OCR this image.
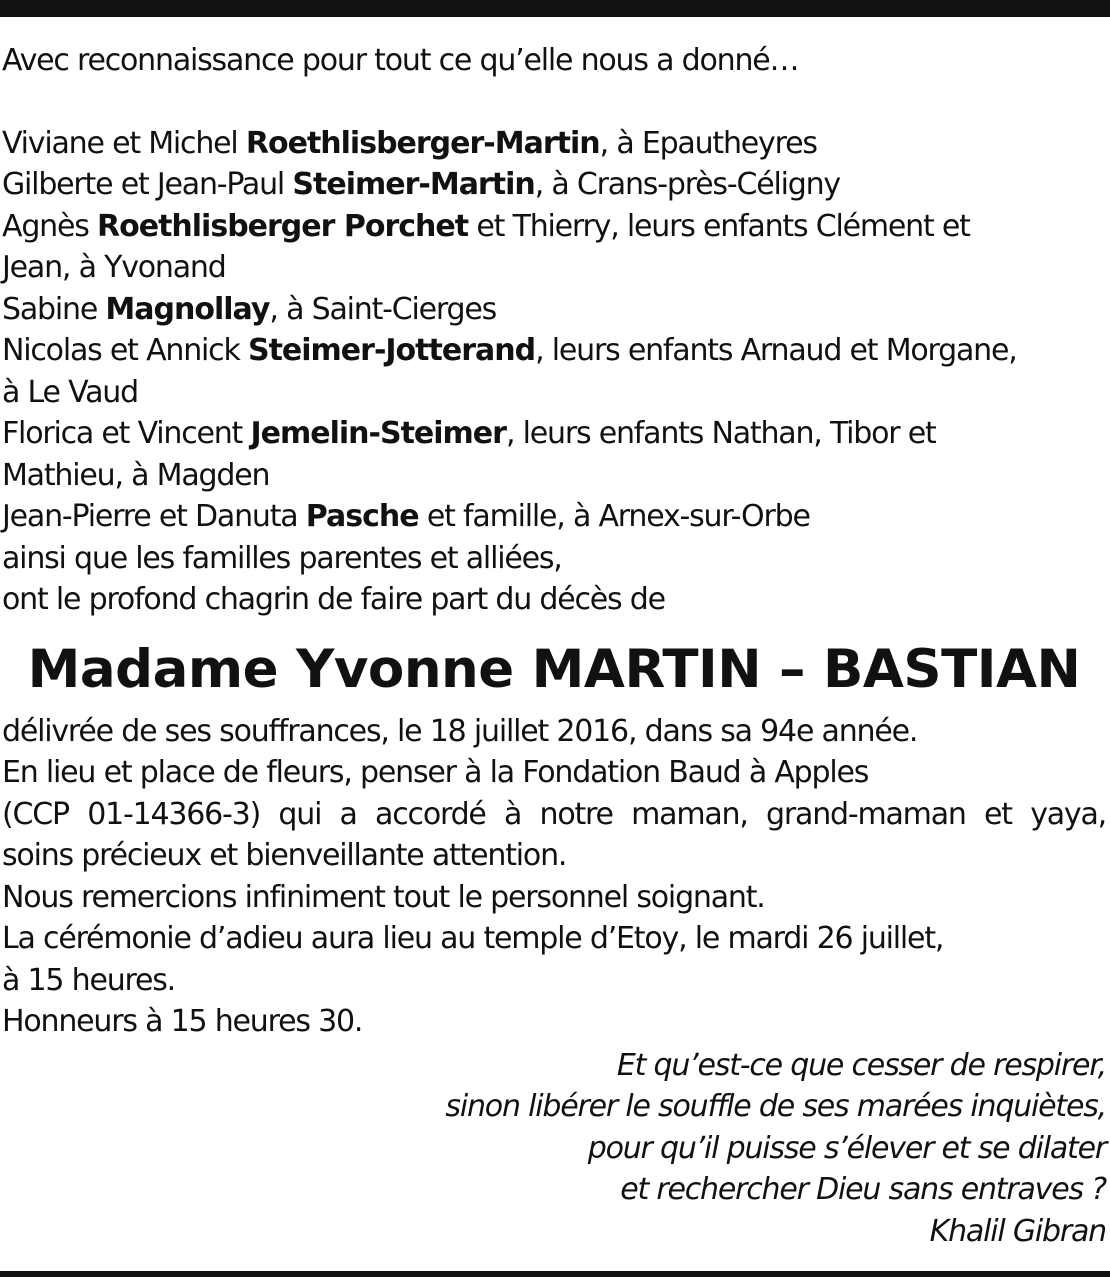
Avec reconnaissance pour tout ce qu’elle nous a donné…
Viviane et Michel Roethlisberger-Martin, à Epautheyres
Gilberte et Jean-Paul Steimer-Martin, à Crans-près-Céligny
Agnès Roethlisberger Porchet et Thierry, leurs enfants Clément et
Jean, à Yvonand
Sabine Magnollay, à Saint-Cierges
Nicolas et Annick Steimer-Jotterand, leurs enfants Arnaud et Morgane,
à Le Vaud
Florica et Vincent Jemelin-Steimer, leurs enfants Nathan, Tibor et
Mathieu, à Magden
Jean-Pierre et Danuta Pasche et famille, à Arnex-sur-Orbe
ainsi que les familles parentes et alliées,
ont le profond chagrin de faire part du décès de
Madame Yvonne MARTIN – BASTIAN
délivrée de ses souffrances, le 18 juillet 2016, dans sa 94e année.
En lieu et place de fleurs, penser à la Fondation Baud à Apples
(CCP 01-14366-3) qui a accordé à notre maman, grand-maman et yaya,
soins précieux et bienveillante attention.
Nous remercions infiniment tout le personnel soignant.
La cérémonie d’adieu aura lieu au temple d’Etoy, le mardi 26 juillet,
à 15 heures.
Honneurs à 15 heures 30.
Et qu’est-ce que cesser de respirer,
sinon libérer le souffle de ses marées inquiètes,
pour qu’il puisse s’élever et se dilater
et rechercher Dieu sans entraves ?
Khalil Gibran
